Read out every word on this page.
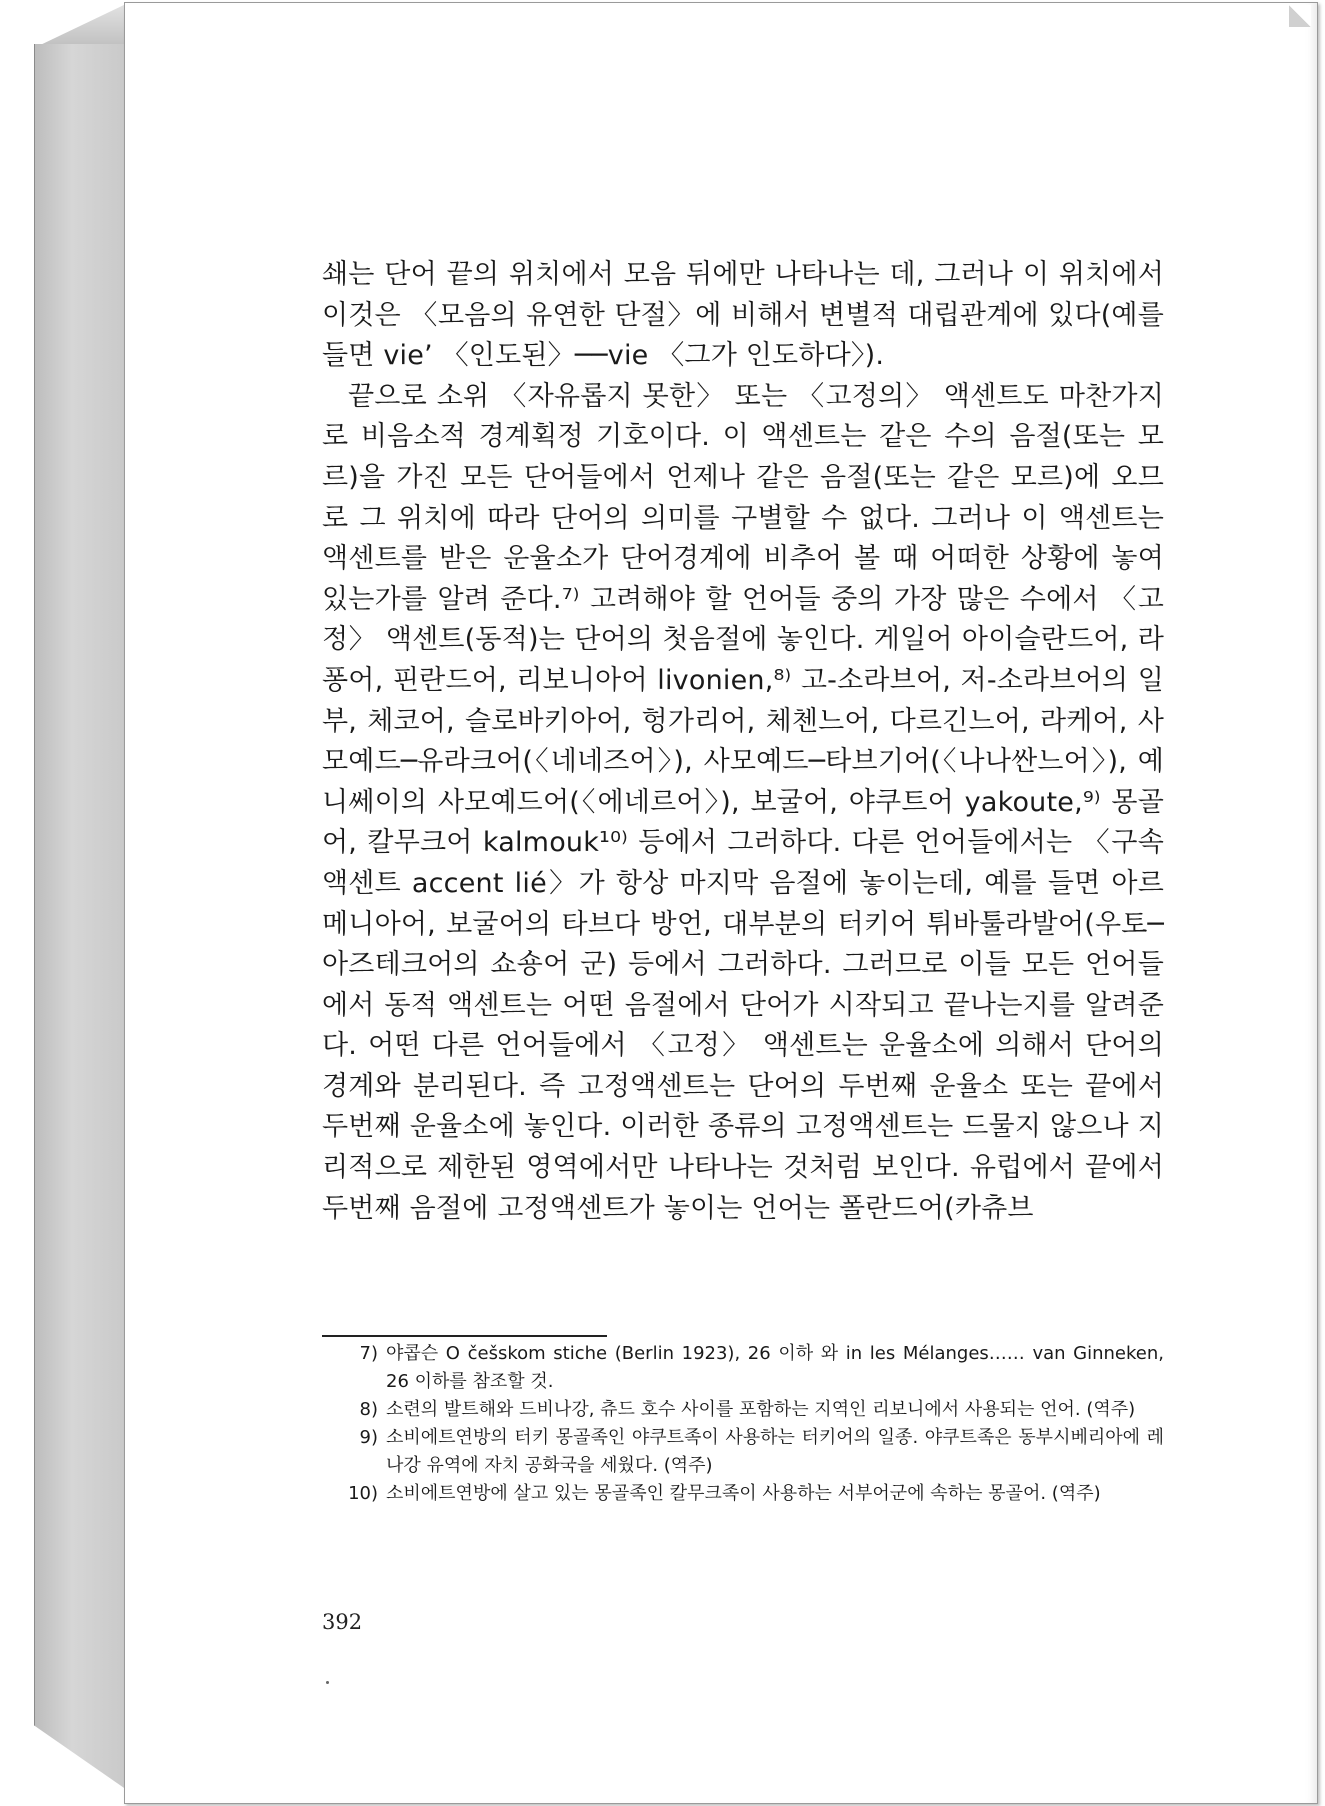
쇄는 단어 끝의 위치에서 모음 뒤에만 나타나는 데, 그러나 이 위치에서 이것은 〈모음의 유연한 단절〉에 비해서 변별적 대립관계에 있다(예를 들면 vie’ 〈인도된〉──vie 〈그가 인도하다〉).

끝으로 소위 〈자유롭지 못한〉 또는 〈고정의〉 액센트도 마찬가지로 비음소적 경계획정 기호이다. 이 액센트는 같은 수의 음절(또는 모르)을 가진 모든 단어들에서 언제나 같은 음절(또는 같은 모르)에 오므로 그 위치에 따라 단어의 의미를 구별할 수 없다. 그러나 이 액센트는 액센트를 받은 운율소가 단어경계에 비추어 볼 때 어떠한 상황에 놓여 있는가를 알려 준다.⁷⁾ 고려해야 할 언어들 중의 가장 많은 수에서 〈고정〉 액센트(동적)는 단어의 첫음절에 놓인다. 게일어 아이슬란드어, 라퐁어, 핀란드어, 리보니아어 livonien,⁸⁾ 고-소라브어, 저-소라브어의 일부, 체코어, 슬로바키아어, 헝가리어, 체첸느어, 다르긴느어, 라케어, 사모예드─유라크어(〈네네즈어〉), 사모예드─타브기어(〈나나싼느어〉), 예니쎄이의 사모예드어(〈에네르어〉), 보굴어, 야쿠트어 yakoute,⁹⁾ 몽골어, 칼무크어 kalmouk¹⁰⁾ 등에서 그러하다. 다른 언어들에서는 〈구속 액센트 accent lié〉가 항상 마지막 음절에 놓이는데, 예를 들면 아르메니아어, 보굴어의 타브다 방언, 대부분의 터키어 튀바툴라발어(우토─아즈테크어의 쇼숑어 군) 등에서 그러하다. 그러므로 이들 모든 언어들에서 동적 액센트는 어떤 음절에서 단어가 시작되고 끝나는지를 알려준다. 어떤 다른 언어들에서 〈고정〉 액센트는 운율소에 의해서 단어의 경계와 분리된다. 즉 고정액센트는 단어의 두번째 운율소 또는 끝에서 두번째 운율소에 놓인다. 이러한 종류의 고정액센트는 드물지 않으나 지리적으로 제한된 영역에서만 나타나는 것처럼 보인다. 유럽에서 끝에서 두번째 음절에 고정액센트가 놓이는 언어는 폴란드어(카츄브

7) 야콥슨 O češskom stiche (Berlin 1923), 26 이하 와 in les Mélanges…… van Ginneken, 26 이하를 참조할 것.
8) 소련의 발트해와 드비나강, 츄드 호수 사이를 포함하는 지역인 리보니에서 사용되는 언어. (역주)
9) 소비에트연방의 터키 몽골족인 야쿠트족이 사용하는 터키어의 일종. 야쿠트족은 동부시베리아에 레나강 유역에 자치 공화국을 세웠다. (역주)
10) 소비에트연방에 살고 있는 몽골족인 칼무크족이 사용하는 서부어군에 속하는 몽골어. (역주)
392
